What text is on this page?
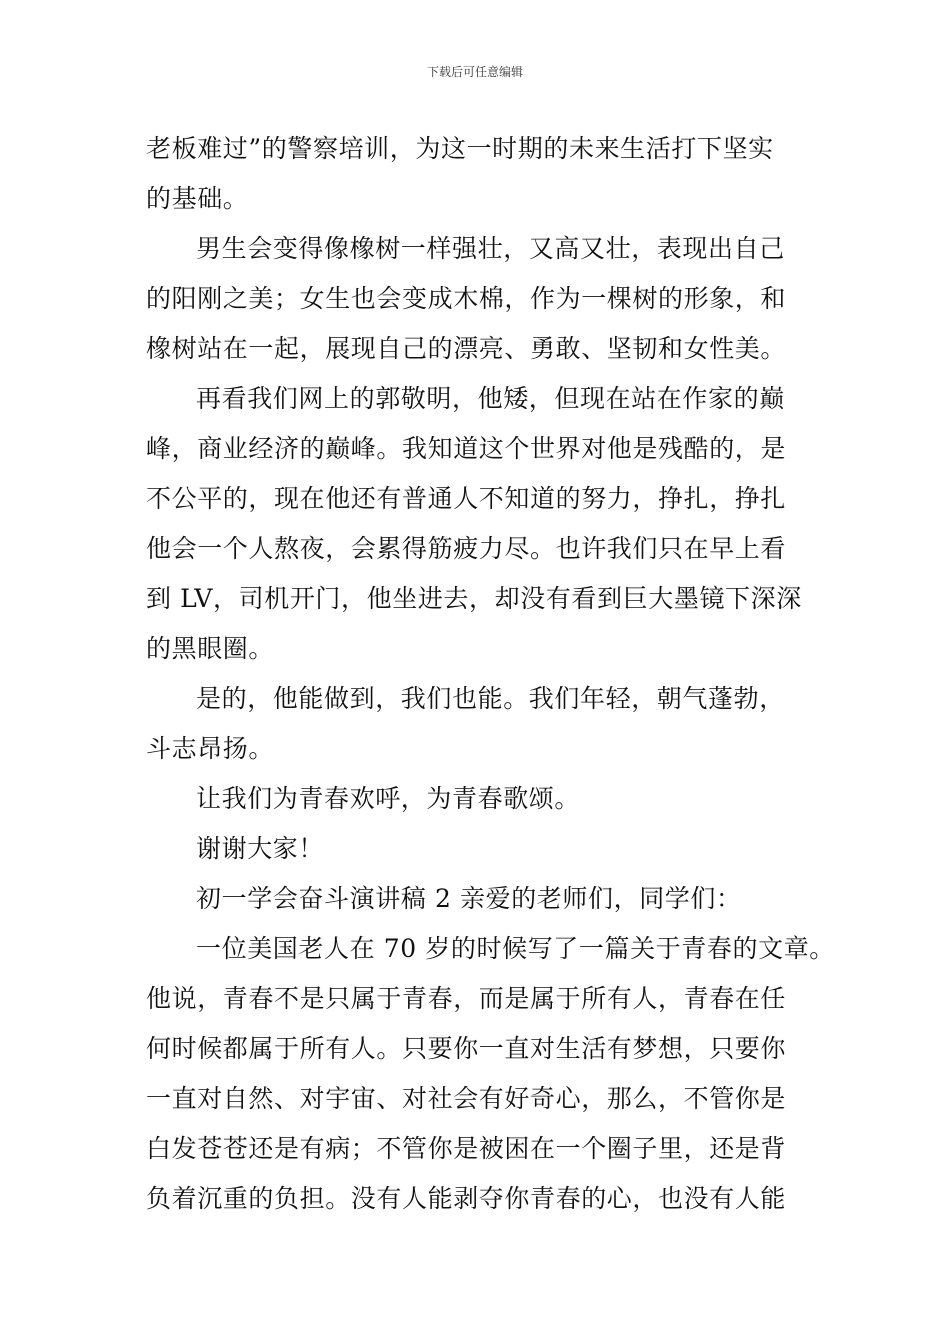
下载后可任意编辑
老板难过”的警察培训，为这一时期的未来生活打下坚实
的基础。
男生会变得像橡树一样强壮，又高又壮，表现出自己
的阳刚之美；女生也会变成木棉，作为一棵树的形象，和
橡树站在一起，展现自己的漂亮、勇敢、坚韧和女性美。
再看我们网上的郭敬明，他矮，但现在站在作家的巅
峰，商业经济的巅峰。我知道这个世界对他是残酷的，是
不公平的，现在他还有普通人不知道的努力，挣扎，挣扎
他会一个人熬夜，会累得筋疲力尽。也许我们只在早上看
到 LV，司机开门，他坐进去，却没有看到巨大墨镜下深深
的黑眼圈。
是的，他能做到，我们也能。我们年轻，朝气蓬勃，
斗志昂扬。
让我们为青春欢呼，为青春歌颂。
谢谢大家！
初一学会奋斗演讲稿 2 亲爱的老师们，同学们：
一位美国老人在 70 岁的时候写了一篇关于青春的文章。
他说，青春不是只属于青春，而是属于所有人，青春在任
何时候都属于所有人。只要你一直对生活有梦想，只要你
一直对自然、对宇宙、对社会有好奇心，那么，不管你是
白发苍苍还是有病；不管你是被困在一个圈子里，还是背
负着沉重的负担。没有人能剥夺你青春的心，也没有人能
